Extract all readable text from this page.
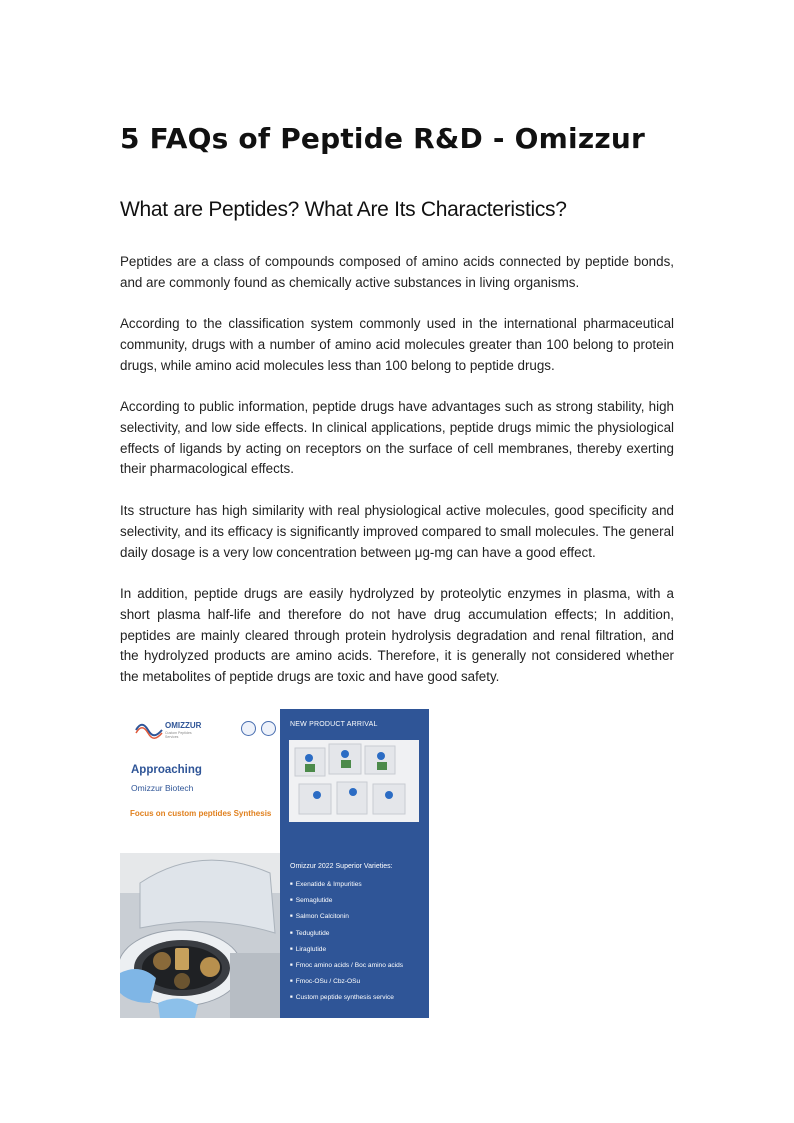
5 FAQs of Peptide R&D - Omizzur
What are Peptides? What Are Its Characteristics?

Peptides are a class of compounds composed of amino acids connected by peptide bonds, and are commonly found as chemically active substances in living organisms.

According to the classification system commonly used in the international pharmaceutical community, drugs with a number of amino acid molecules greater than 100 belong to protein drugs, while amino acid molecules less than 100 belong to peptide drugs.

According to public information, peptide drugs have advantages such as strong stability, high selectivity, and low side effects. In clinical applications, peptide drugs mimic the physiological effects of ligands by acting on receptors on the surface of cell membranes, thereby exerting their pharmacological effects.

Its structure has high similarity with real physiological active molecules, good specificity and selectivity, and its efficacy is significantly improved compared to small molecules. The general daily dosage is a very low concentration between μg-mg can have a good effect.

In addition, peptide drugs are easily hydrolyzed by proteolytic enzymes in plasma, with a short plasma half-life and therefore do not have drug accumulation effects; In addition, peptides are mainly cleared through protein hydrolysis degradation and renal filtration, and the hydrolyzed products are amino acids. Therefore, it is generally not considered whether the metabolites of peptide drugs are toxic and have good safety.

OMIZZUR
Custom Peptides Services
Approaching
Omizzur Biotech
Focus on custom peptides Synthesis
NEW PRODUCT ARRIVAL
Omizzur 2022 Superior Varieties:
■ Exenatide & Impurities
■ Semaglutide
■ Salmon Calcitonin
■ Teduglutide
■ Liraglutide
■ Fmoc amino acids / Boc amino acids
■ Fmoc-OSu / Cbz-OSu
■ Custom peptide synthesis service
